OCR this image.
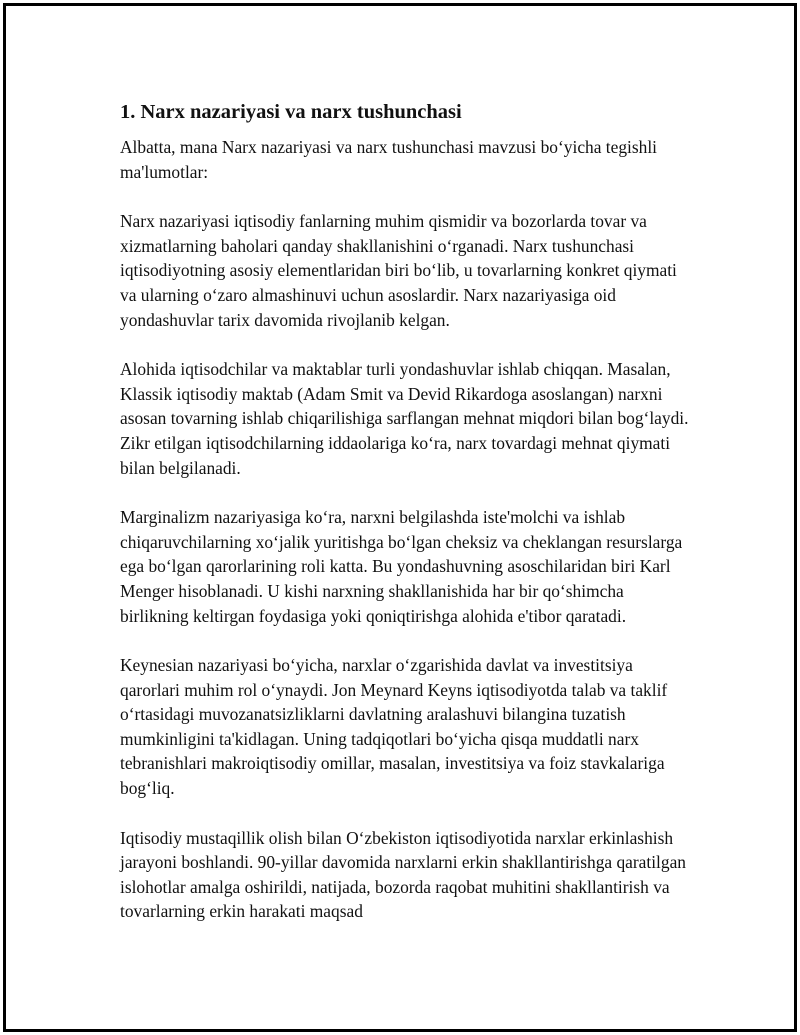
1. Narx nazariyasi va narx tushunchasi

Albatta, mana Narx nazariyasi va narx tushunchasi mavzusi bo‘yicha tegishli ma'lumotlar:

Narx nazariyasi iqtisodiy fanlarning muhim qismidir va bozorlarda tovar va xizmatlarning baholari qanday shakllanishini o‘rganadi. Narx tushunchasi iqtisodiyotning asosiy elementlaridan biri bo‘lib, u tovarlarning konkret qiymati va ularning o‘zaro almashinuvi uchun asoslardir. Narx nazariyasiga oid yondashuvlar tarix davomida rivojlanib kelgan.

Alohida iqtisodchilar va maktablar turli yondashuvlar ishlab chiqqan. Masalan, Klassik iqtisodiy maktab (Adam Smit va Devid Rikardoga asoslangan) narxni asosan tovarning ishlab chiqarilishiga sarflangan mehnat miqdori bilan bog‘laydi. Zikr etilgan iqtisodchilarning iddaolariga ko‘ra, narx tovardagi mehnat qiymati bilan belgilanadi.

Marginalizm nazariyasiga ko‘ra, narxni belgilashda iste'molchi va ishlab chiqaruvchilarning xo‘jalik yuritishga bo‘lgan cheksiz va cheklangan resurslarga ega bo‘lgan qarorlarining roli katta. Bu yondashuvning asoschilaridan biri Karl Menger hisoblanadi. U kishi narxning shakllanishida har bir qo‘shimcha birlikning keltirgan foydasiga yoki qoniqtirishga alohida e'tibor qaratadi.

Keynesian nazariyasi bo‘yicha, narxlar o‘zgarishida davlat va investitsiya qarorlari muhim rol o‘ynaydi. Jon Meynard Keyns iqtisodiyotda talab va taklif o‘rtasidagi muvozanatsizliklarni davlatning aralashuvi bilangina tuzatish mumkinligini ta'kidlagan. Uning tadqiqotlari bo‘yicha qisqa muddatli narx tebranishlari makroiqtisodiy omillar, masalan, investitsiya va foiz stavkalariga bog‘liq.

Iqtisodiy mustaqillik olish bilan O‘zbekiston iqtisodiyotida narxlar erkinlashish jarayoni boshlandi. 90-yillar davomida narxlarni erkin shakllantirishga qaratilgan islohotlar amalga oshirildi, natijada, bozorda raqobat muhitini shakllantirish va tovarlarning erkin harakati maqsad
